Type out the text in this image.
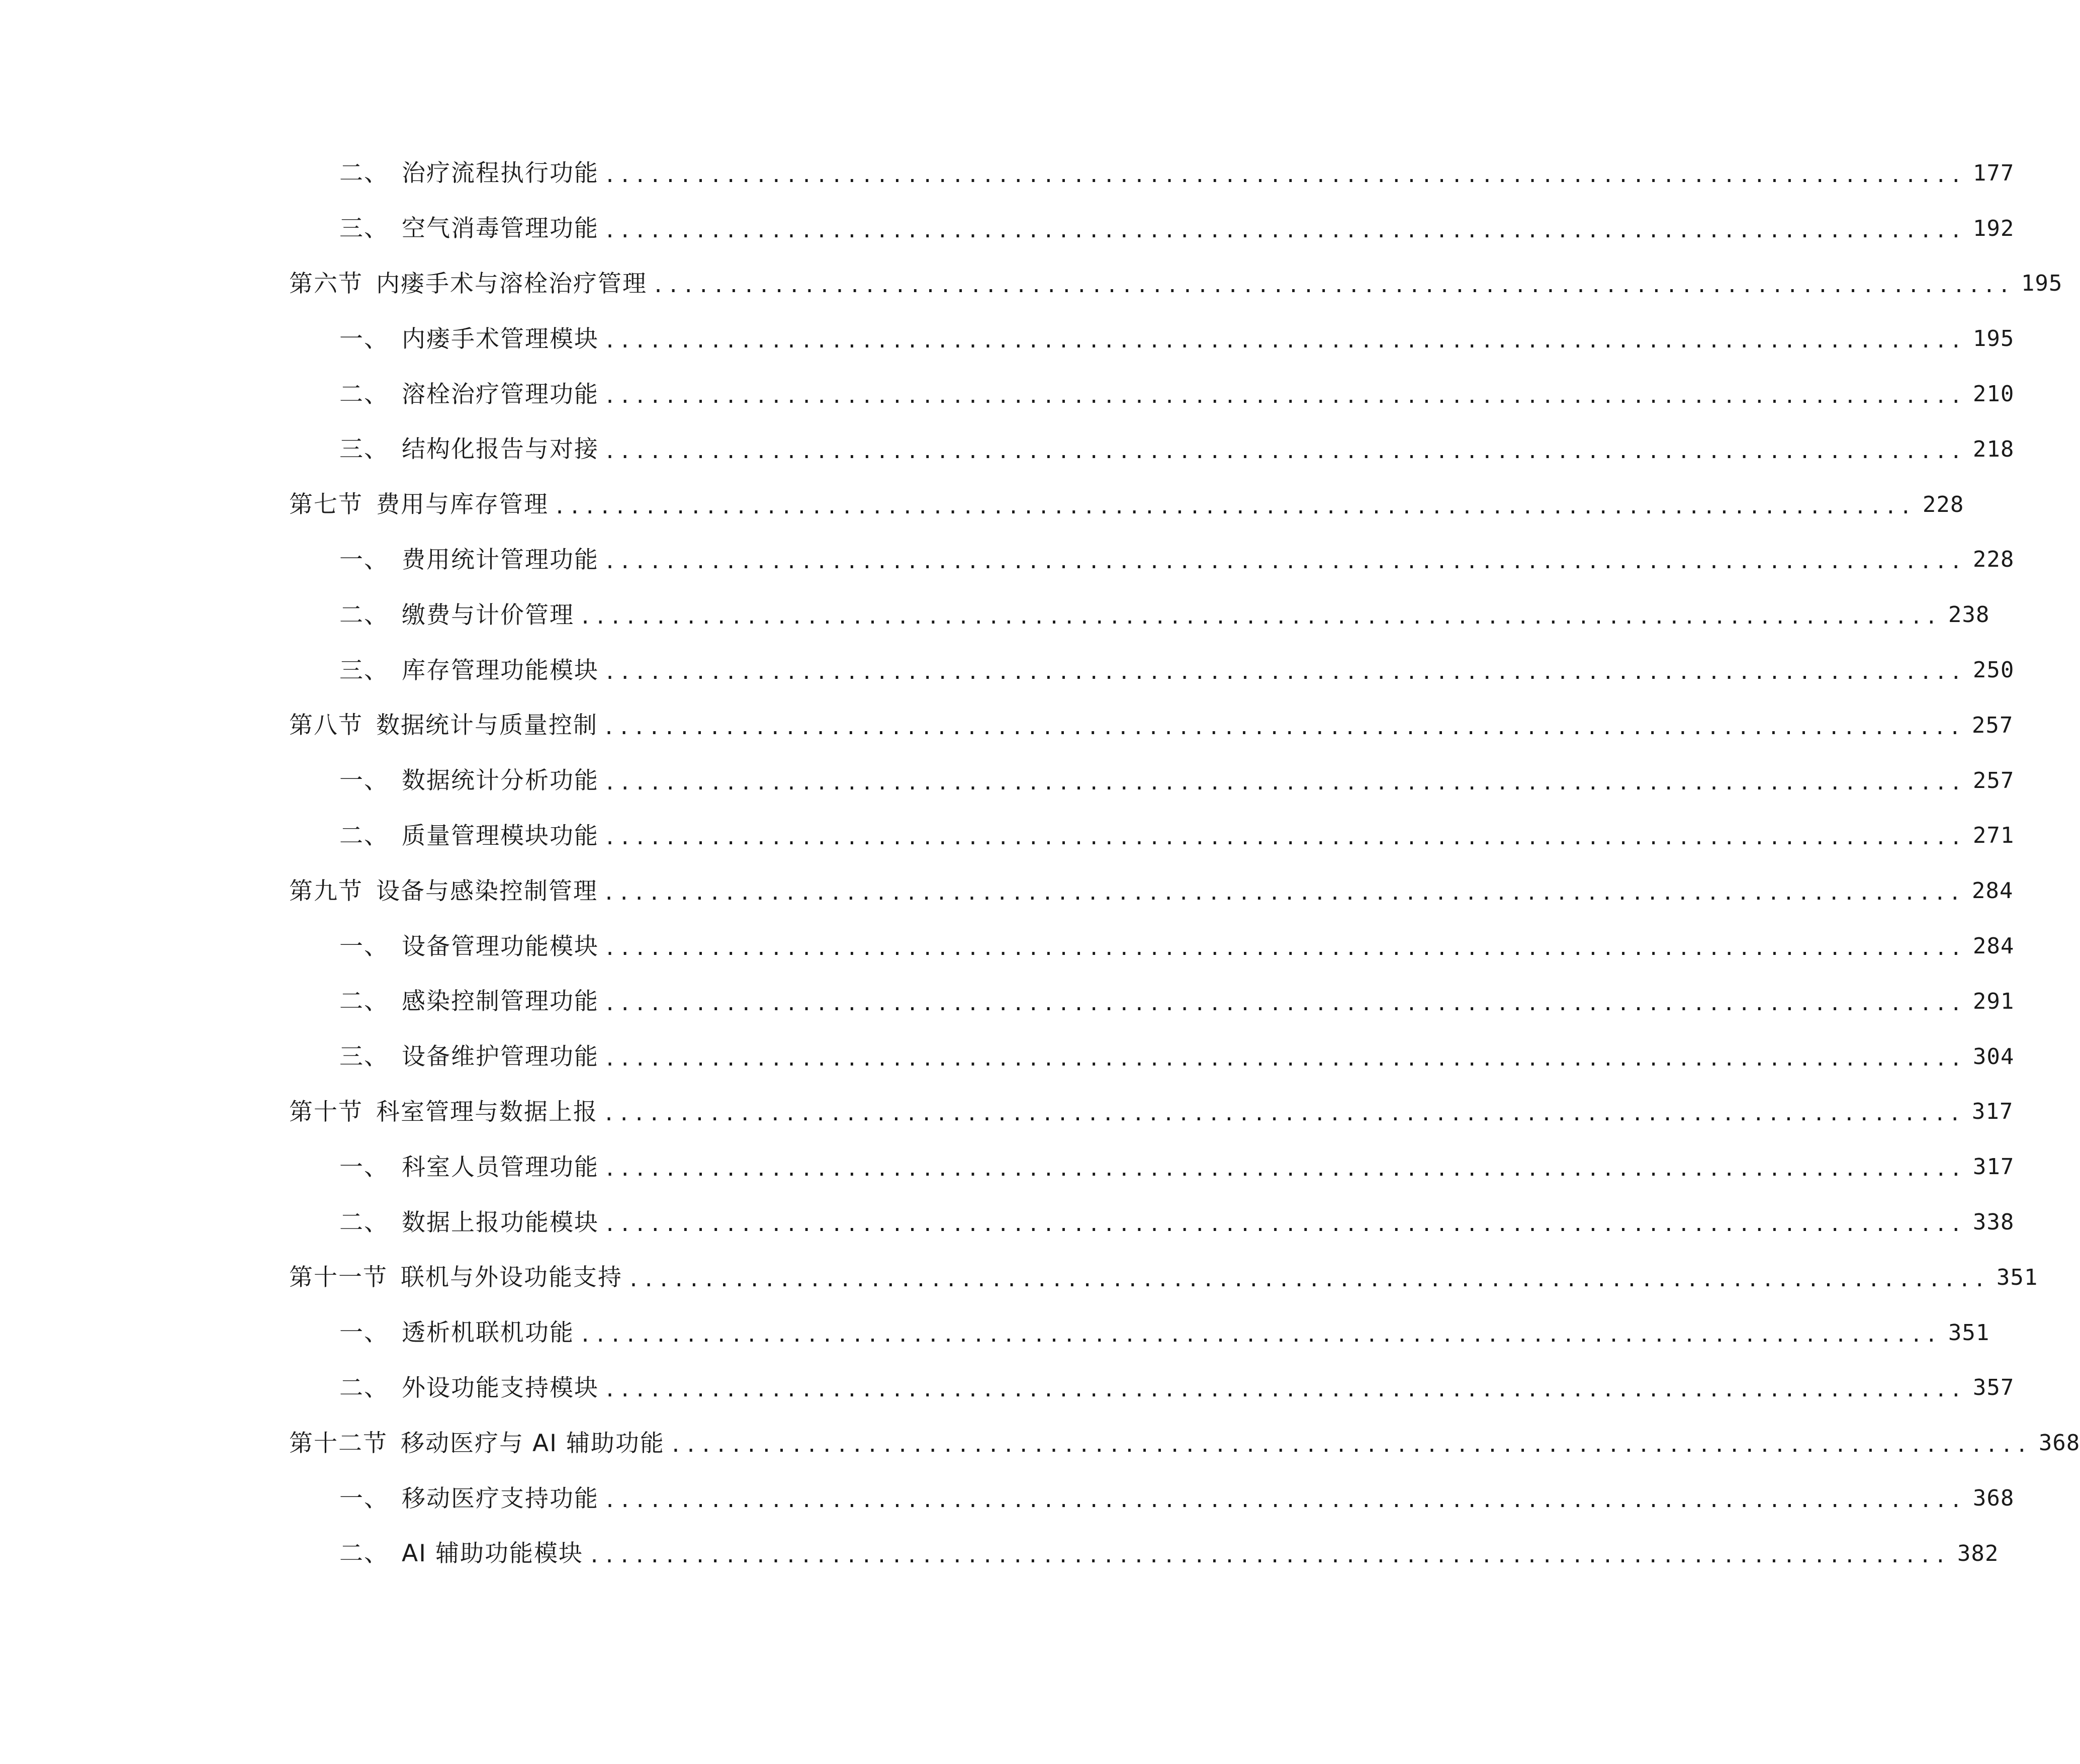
二、 治疗流程执行功能 .......................................................................................... 177
三、 空气消毒管理功能 .......................................................................................... 192
第六节 内瘘手术与溶栓治疗管理 .......................................................................................... 195
一、 内瘘手术管理模块 .......................................................................................... 195
二、 溶栓治疗管理功能 .......................................................................................... 210
三、 结构化报告与对接 .......................................................................................... 218
第七节 费用与库存管理 .......................................................................................... 228
一、 费用统计管理功能 .......................................................................................... 228
二、 缴费与计价管理 .......................................................................................... 238
三、 库存管理功能模块 .......................................................................................... 250
第八节 数据统计与质量控制 .......................................................................................... 257
一、 数据统计分析功能 .......................................................................................... 257
二、 质量管理模块功能 .......................................................................................... 271
第九节 设备与感染控制管理 .......................................................................................... 284
一、 设备管理功能模块 .......................................................................................... 284
二、 感染控制管理功能 .......................................................................................... 291
三、 设备维护管理功能 .......................................................................................... 304
第十节 科室管理与数据上报 .......................................................................................... 317
一、 科室人员管理功能 .......................................................................................... 317
二、 数据上报功能模块 .......................................................................................... 338
第十一节 联机与外设功能支持 .......................................................................................... 351
一、 透析机联机功能 .......................................................................................... 351
二、 外设功能支持模块 .......................................................................................... 357
第十二节 移动医疗与 AI 辅助功能 .......................................................................................... 368
一、 移动医疗支持功能 .......................................................................................... 368
二、 AI 辅助功能模块 .......................................................................................... 382
